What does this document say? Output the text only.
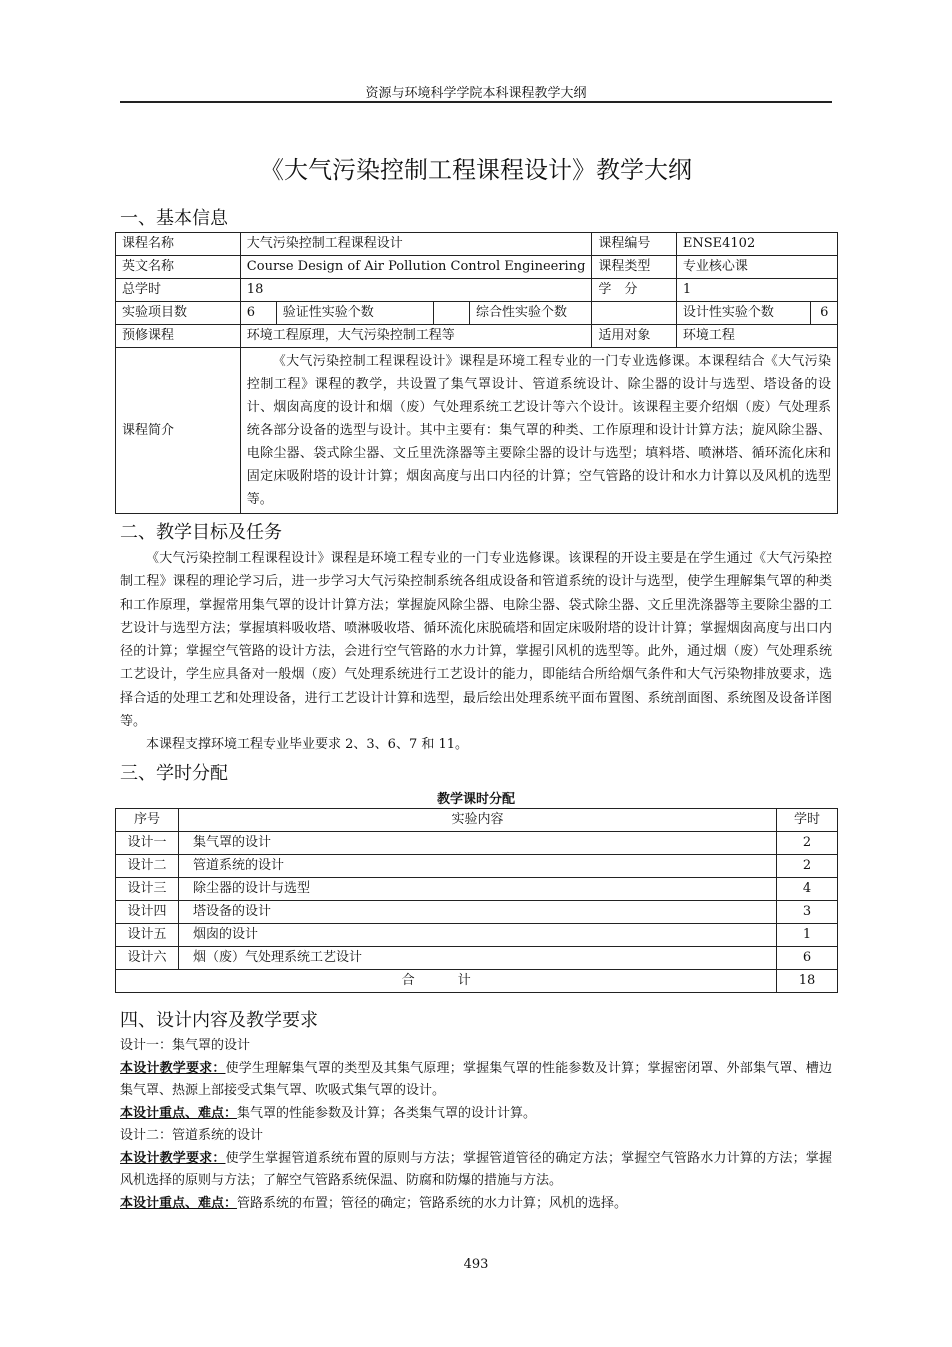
资源与环境科学学院本科课程教学大纲
《大气污染控制工程课程设计》教学大纲
一、基本信息
课程名称	大气污染控制工程课程设计				课程编号	ENSE4102	
英文名称	Course Design of Air Pollution Control Engineering				课程类型	专业核心课	
总学时	18				学　分	1	
实验项目数	6	验证性实验个数		综合性实验个数		设计性实验个数	6
预修课程	环境工程原理，大气污染控制工程等				适用对象	环境工程	
课程简介	《大气污染控制工程课程设计》课程是环境工程专业的一门专业选修课。本课程结合《大气污染控制工程》课程的教学，共设置了集气罩设计、管道系统设计、除尘器的设计与选型、塔设备的设计、烟囱高度的设计和烟（废）气处理系统工艺设计等六个设计。该课程主要介绍烟（废）气处理系统各部分设备的选型与设计。其中主要有：集气罩的种类、工作原理和设计计算方法；旋风除尘器、电除尘器、袋式除尘器、文丘里洗涤器等主要除尘器的设计与选型；填料塔、喷淋塔、循环流化床和固定床吸附塔的设计计算；烟囱高度与出口内径的计算；空气管路的设计和水力计算以及风机的选型等。						
二、教学目标及任务

《大气污染控制工程课程设计》课程是环境工程专业的一门专业选修课。该课程的开设主要是在学生通过《大气污染控制工程》课程的理论学习后，进一步学习大气污染控制系统各组成设备和管道系统的设计与选型，使学生理解集气罩的种类和工作原理，掌握常用集气罩的设计计算方法；掌握旋风除尘器、电除尘器、袋式除尘器、文丘里洗涤器等主要除尘器的工艺设计与选型方法；掌握填料吸收塔、喷淋吸收塔、循环流化床脱硫塔和固定床吸附塔的设计计算；掌握烟囱高度与出口内径的计算；掌握空气管路的设计方法，会进行空气管路的水力计算，掌握引风机的选型等。此外，通过烟（废）气处理系统工艺设计，学生应具备对一般烟（废）气处理系统进行工艺设计的能力，即能结合所给烟气条件和大气污染物排放要求，选择合适的处理工艺和处理设备，进行工艺设计计算和选型，最后绘出处理系统平面布置图、系统剖面图、系统图及设备详图等。

本课程支撑环境工程专业毕业要求 2、3、6、7 和 11。

三、学时分配
教学课时分配
序号	实验内容	学时
设计一	集气罩的设计	2
设计二	管道系统的设计	2
设计三	除尘器的设计与选型	4
设计四	塔设备的设计	3
设计五	烟囱的设计	1
设计六	烟（废）气处理系统工艺设计	6
合 计		18
四、设计内容及教学要求
设计一：集气罩的设计

本设计教学要求：使学生理解集气罩的类型及其集气原理；掌握集气罩的性能参数及计算；掌握密闭罩、外部集气罩、槽边集气罩、热源上部接受式集气罩、吹吸式集气罩的设计。

本设计重点、难点：集气罩的性能参数及计算；各类集气罩的设计计算。

设计二：管道系统的设计

本设计教学要求：使学生掌握管道系统布置的原则与方法；掌握管道管径的确定方法；掌握空气管路水力计算的方法；掌握风机选择的原则与方法；了解空气管路系统保温、防腐和防爆的措施与方法。

本设计重点、难点：管路系统的布置；管径的确定；管路系统的水力计算；风机的选择。

493
